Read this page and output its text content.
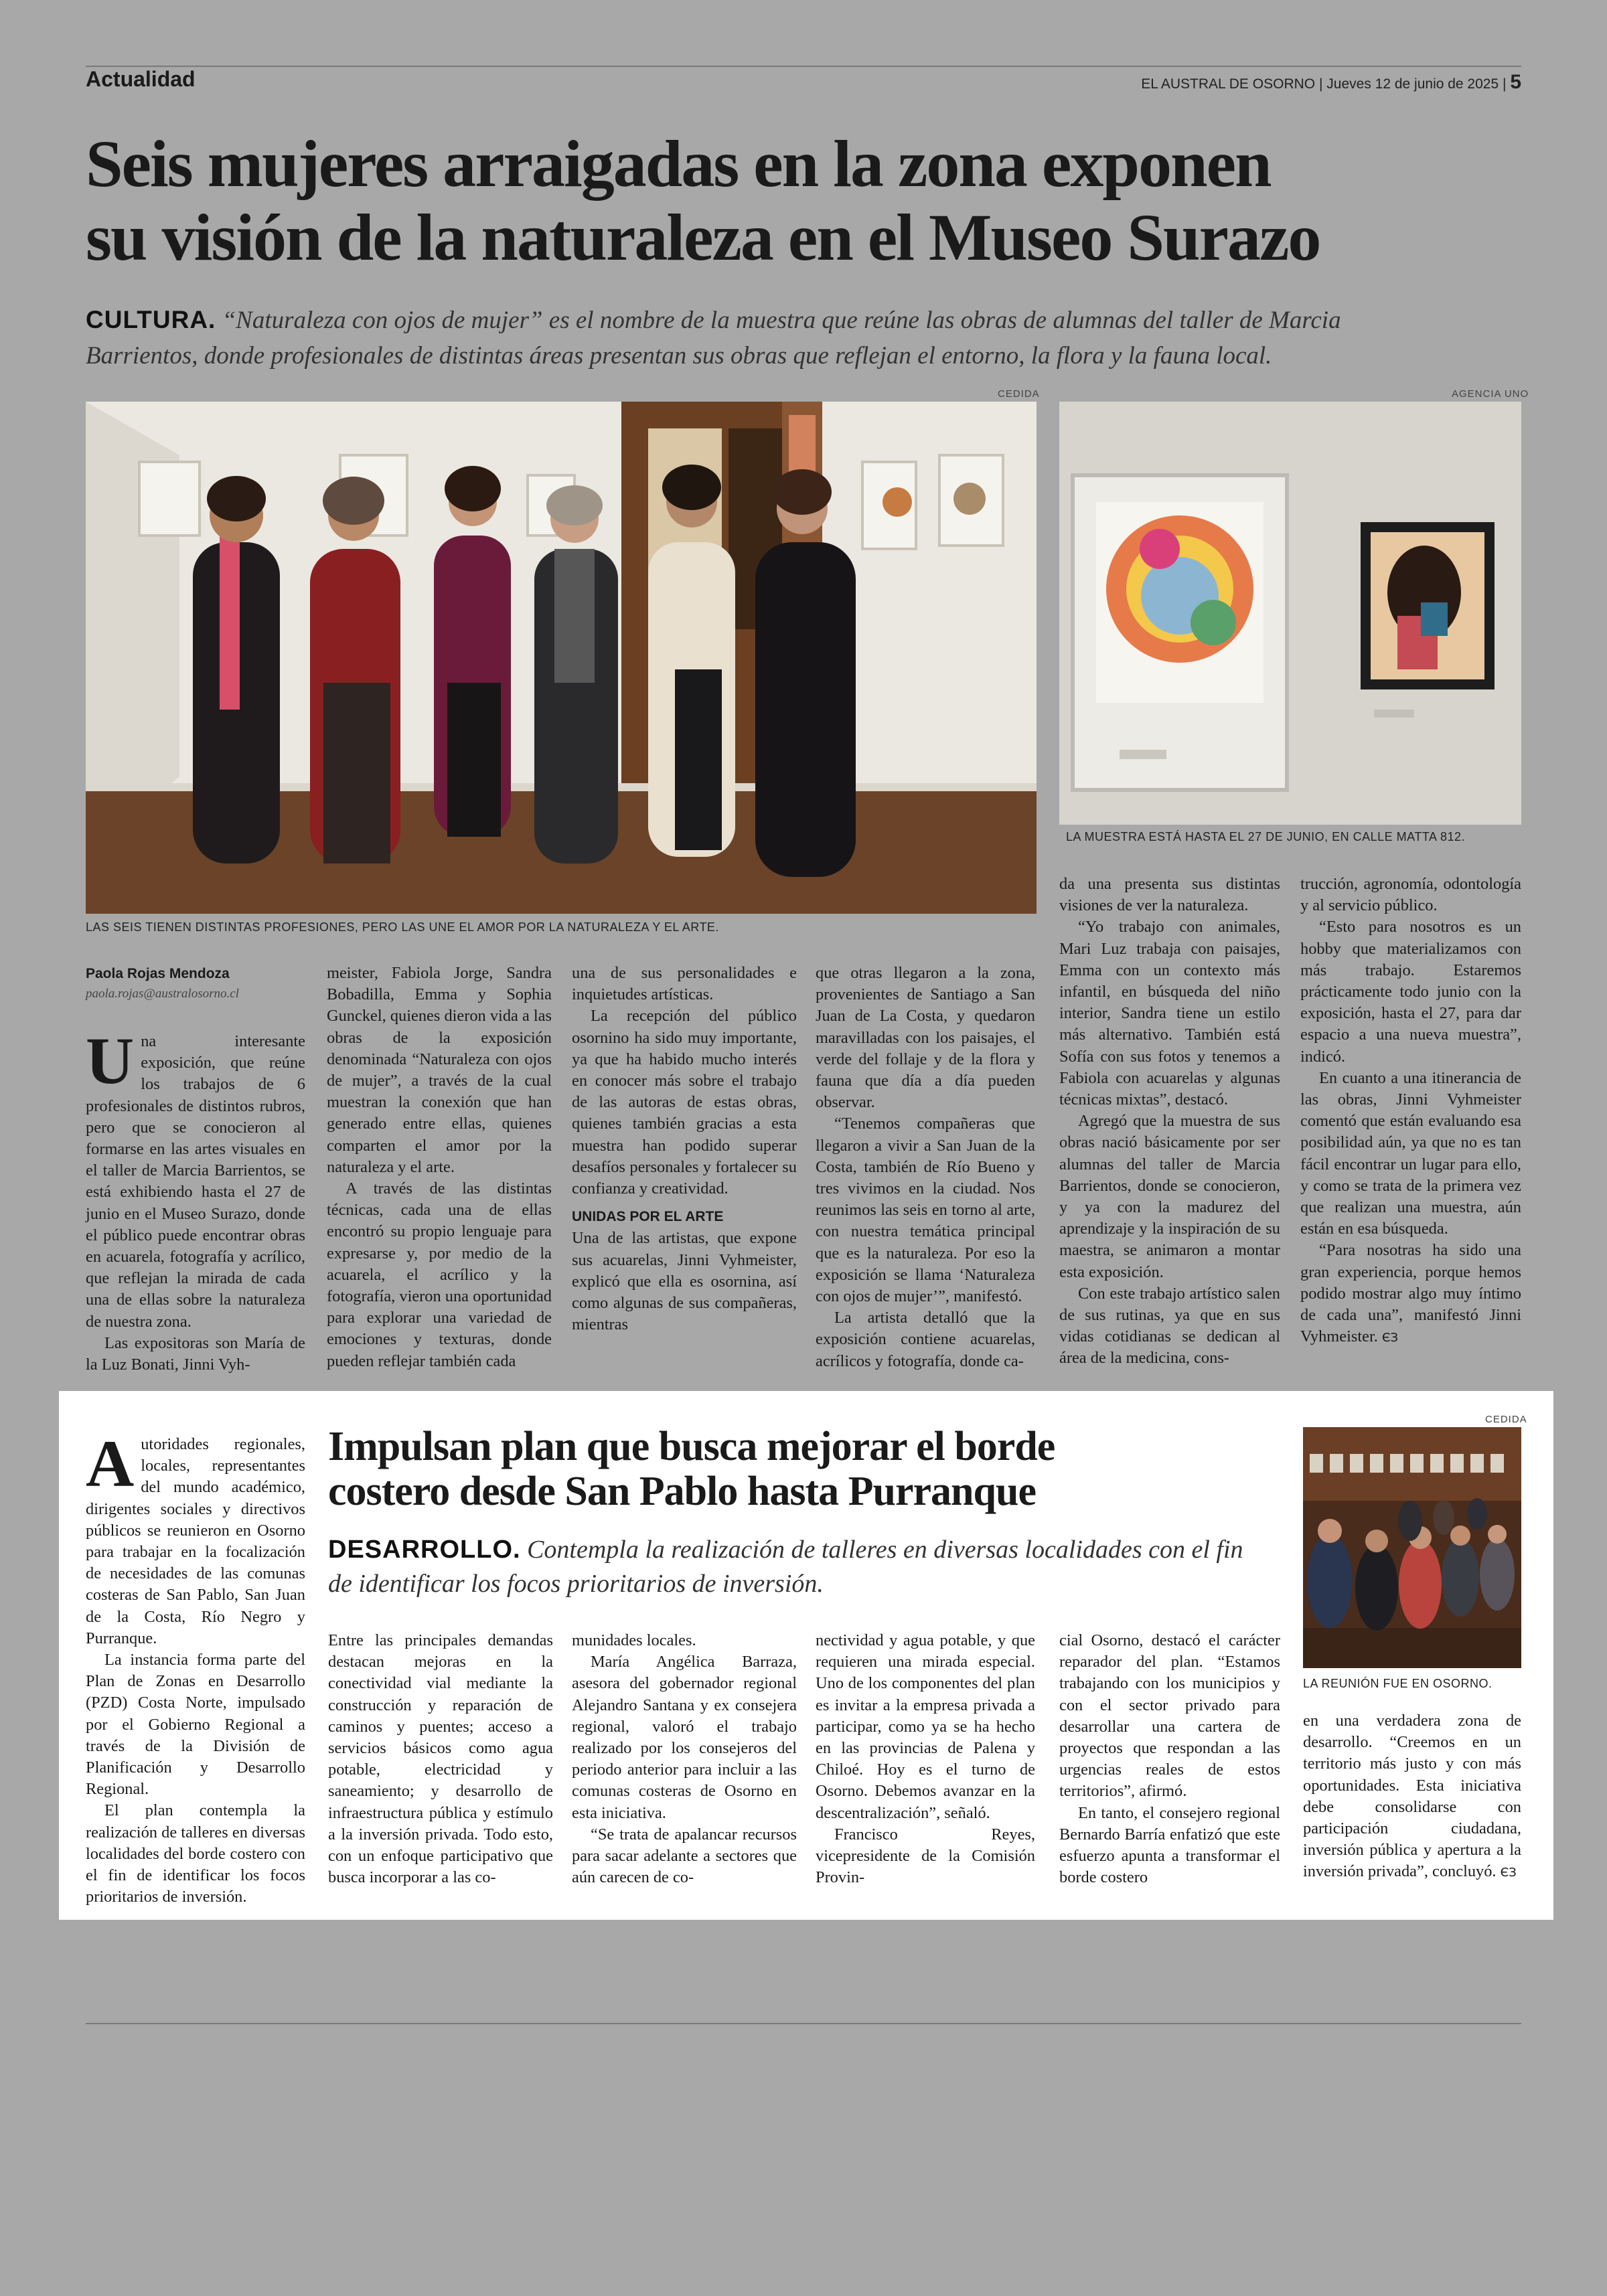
Actualidad	EL AUSTRAL DE OSORNO | Jueves 12 de junio de 2025 | 5
Seis mujeres arraigadas en la zona exponen
su visión de la naturaleza en el Museo Surazo
CULTURA. “Naturaleza con ojos de mujer” es el nombre de la muestra que reúne las obras de alumnas del taller de Marcia Barrientos, donde profesionales de distintas áreas presentan sus obras que reflejan el entorno, la flora y la fauna local.
CEDIDA
LAS SEIS TIENEN DISTINTAS PROFESIONES, PERO LAS UNE EL AMOR POR LA NATURALEZA Y EL ARTE.
AGENCIA UNO
LA MUESTRA ESTÁ HASTA EL 27 DE JUNIO, EN CALLE MATTA 812.
Paola Rojas Mendoza
paola.rojas@australosorno.cl

Una interesante exposición, que reúne los trabajos de 6 profesionales de distintos rubros, pero que se conocieron al formarse en las artes visuales en el taller de Marcia Barrientos, se está exhibiendo hasta el 27 de junio en el Museo Surazo, donde el público puede encontrar obras en acuarela, fotografía y acrílico, que reflejan la mirada de cada una de ellas sobre la naturaleza de nuestra zona.

Las expositoras son María de la Luz Bonati, Jinni Vyh-

meister, Fabiola Jorge, Sandra Bobadilla, Emma y Sophia Gunckel, quienes dieron vida a las obras de la exposición denominada “Naturaleza con ojos de mujer”, a través de la cual muestran la conexión que han generado entre ellas, quienes comparten el amor por la naturaleza y el arte.

A través de las distintas técnicas, cada una de ellas encontró su propio lenguaje para expresarse y, por medio de la acuarela, el acrílico y la fotografía, vieron una oportunidad para explorar una variedad de emociones y texturas, donde pueden reflejar también cada

una de sus personalidades e inquietudes artísticas.

La recepción del público osornino ha sido muy importante, ya que ha habido mucho interés en conocer más sobre el trabajo de las autoras de estas obras, quienes también gracias a esta muestra han podido superar desafíos personales y fortalecer su confianza y creatividad.

UNIDAS POR EL ARTE

Una de las artistas, que expone sus acuarelas, Jinni Vyhmeister, explicó que ella es osornina, así como algunas de sus compañeras, mientras

que otras llegaron a la zona, provenientes de Santiago a San Juan de La Costa, y quedaron maravilladas con los paisajes, el verde del follaje y de la flora y fauna que día a día pueden observar.

“Tenemos compañeras que llegaron a vivir a San Juan de la Costa, también de Río Bueno y tres vivimos en la ciudad. Nos reunimos las seis en torno al arte, con nuestra temática principal que es la naturaleza. Por eso la exposición se llama ‘Naturaleza con ojos de mujer’”, manifestó.

La artista detalló que la exposición contiene acuarelas, acrílicos y fotografía, donde ca-

da una presenta sus distintas visiones de ver la naturaleza.

“Yo trabajo con animales, Mari Luz trabaja con paisajes, Emma con un contexto más infantil, en búsqueda del niño interior, Sandra tiene un estilo más alternativo. También está Sofía con sus fotos y tenemos a Fabiola con acuarelas y algunas técnicas mixtas”, destacó.

Agregó que la muestra de sus obras nació básicamente por ser alumnas del taller de Marcia Barrientos, donde se conocieron, y ya con la madurez del aprendizaje y la inspiración de su maestra, se animaron a montar esta exposición.

Con este trabajo artístico salen de sus rutinas, ya que en sus vidas cotidianas se dedican al área de la medicina, cons-

trucción, agronomía, odontología y al servicio público.

“Esto para nosotros es un hobby que materializamos con más trabajo. Estaremos prácticamente todo junio con la exposición, hasta el 27, para dar espacio a una nueva muestra”, indicó.

En cuanto a una itinerancia de las obras, Jinni Vyhmeister comentó que están evaluando esa posibilidad aún, ya que no es tan fácil encontrar un lugar para ello, y como se trata de la primera vez que realizan una muestra, aún están en esa búsqueda.

“Para nosotras ha sido una gran experiencia, porque hemos podido mostrar algo muy íntimo de cada una”, manifestó Jinni Vyhmeister. ЄЗ

Autoridades regionales, locales, representantes del mundo académico, dirigentes sociales y directivos públicos se reunieron en Osorno para trabajar en la focalización de necesidades de las comunas costeras de San Pablo, San Juan de la Costa, Río Negro y Purranque.

La instancia forma parte del Plan de Zonas en Desarrollo (PZD) Costa Norte, impulsado por el Gobierno Regional a través de la División de Planificación y Desarrollo Regional.

El plan contempla la realización de talleres en diversas localidades del borde costero con el fin de identificar los focos prioritarios de inversión.

Impulsan plan que busca mejorar el borde
costero desde San Pablo hasta Purranque
DESARROLLO. Contempla la realización de talleres en diversas localidades con el fin de identificar los focos prioritarios de inversión.

Entre las principales demandas destacan mejoras en la conectividad vial mediante la construcción y reparación de caminos y puentes; acceso a servicios básicos como agua potable, electricidad y saneamiento; y desarrollo de infraestructura pública y estímulo a la inversión privada. Todo esto, con un enfoque participativo que busca incorporar a las co-

munidades locales.

María Angélica Barraza, asesora del gobernador regional Alejandro Santana y ex consejera regional, valoró el trabajo realizado por los consejeros del periodo anterior para incluir a las comunas costeras de Osorno en esta iniciativa.

“Se trata de apalancar recursos para sacar adelante a sectores que aún carecen de co-

nectividad y agua potable, y que requieren una mirada especial. Uno de los componentes del plan es invitar a la empresa privada a participar, como ya se ha hecho en las provincias de Palena y Chiloé. Hoy es el turno de Osorno. Debemos avanzar en la descentralización”, señaló.

Francisco Reyes, vicepresidente de la Comisión Provin-

cial Osorno, destacó el carácter reparador del plan. “Estamos trabajando con los municipios y con el sector privado para desarrollar una cartera de proyectos que respondan a las urgencias reales de estos territorios”, afirmó.

En tanto, el consejero regional Bernardo Barría enfatizó que este esfuerzo apunta a transformar el borde costero

CEDIDA
LA REUNIÓN FUE EN OSORNO.

en una verdadera zona de desarrollo. “Creemos en un territorio más justo y con más oportunidades. Esta iniciativa debe consolidarse con participación ciudadana, inversión pública y apertura a la inversión privada”, concluyó. ЄЗ
